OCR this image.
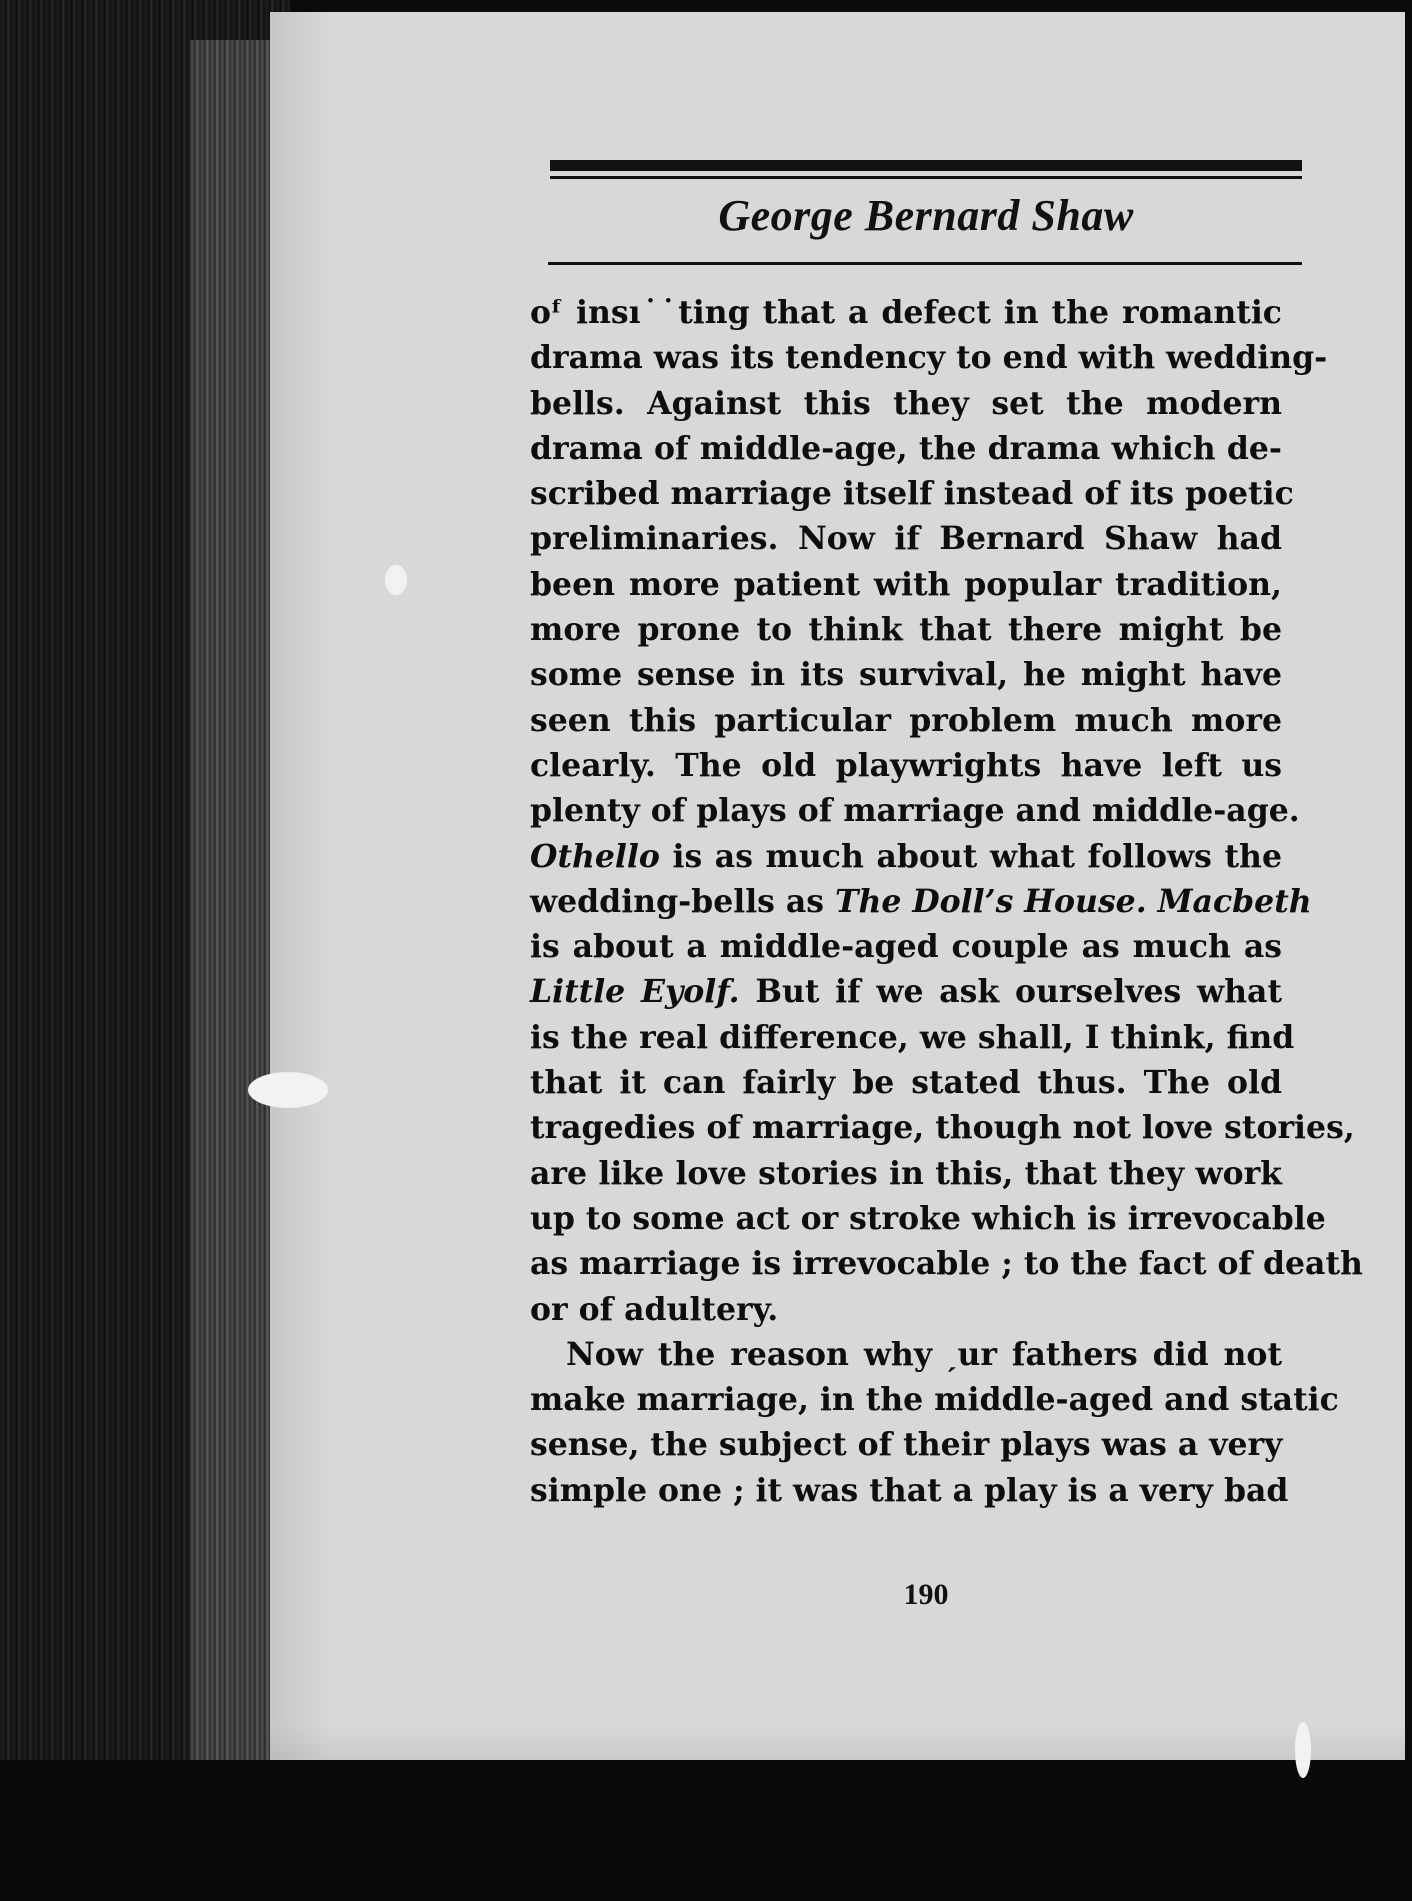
George Bernard Shaw
oᶠ insı˙˙ting that a defect in the romantic
drama was its tendency to end with wedding-
bells. Against this they set the modern
drama of middle-age, the drama which de-
scribed marriage itself instead of its poetic
preliminaries. Now if Bernard Shaw had
been more patient with popular tradition,
more prone to think that there might be
some sense in its survival, he might have
seen this particular problem much more
clearly. The old playwrights have left us
plenty of plays of marriage and middle-age.
Othello is as much about what follows the
wedding-bells as The Doll’s House. Macbeth
is about a middle-aged couple as much as
Little Eyolf. But if we ask ourselves what
is the real difference, we shall, I think, find
that it can fairly be stated thus. The old
tragedies of marriage, though not love stories,
are like love stories in this, that they work
up to some act or stroke which is irrevocable
as marriage is irrevocable ; to the fact of death
or of adultery.
Now the reason why ˏur fathers did not
make marriage, in the middle-aged and static
sense, the subject of their plays was a very
simple one ; it was that a play is a very bad
190
